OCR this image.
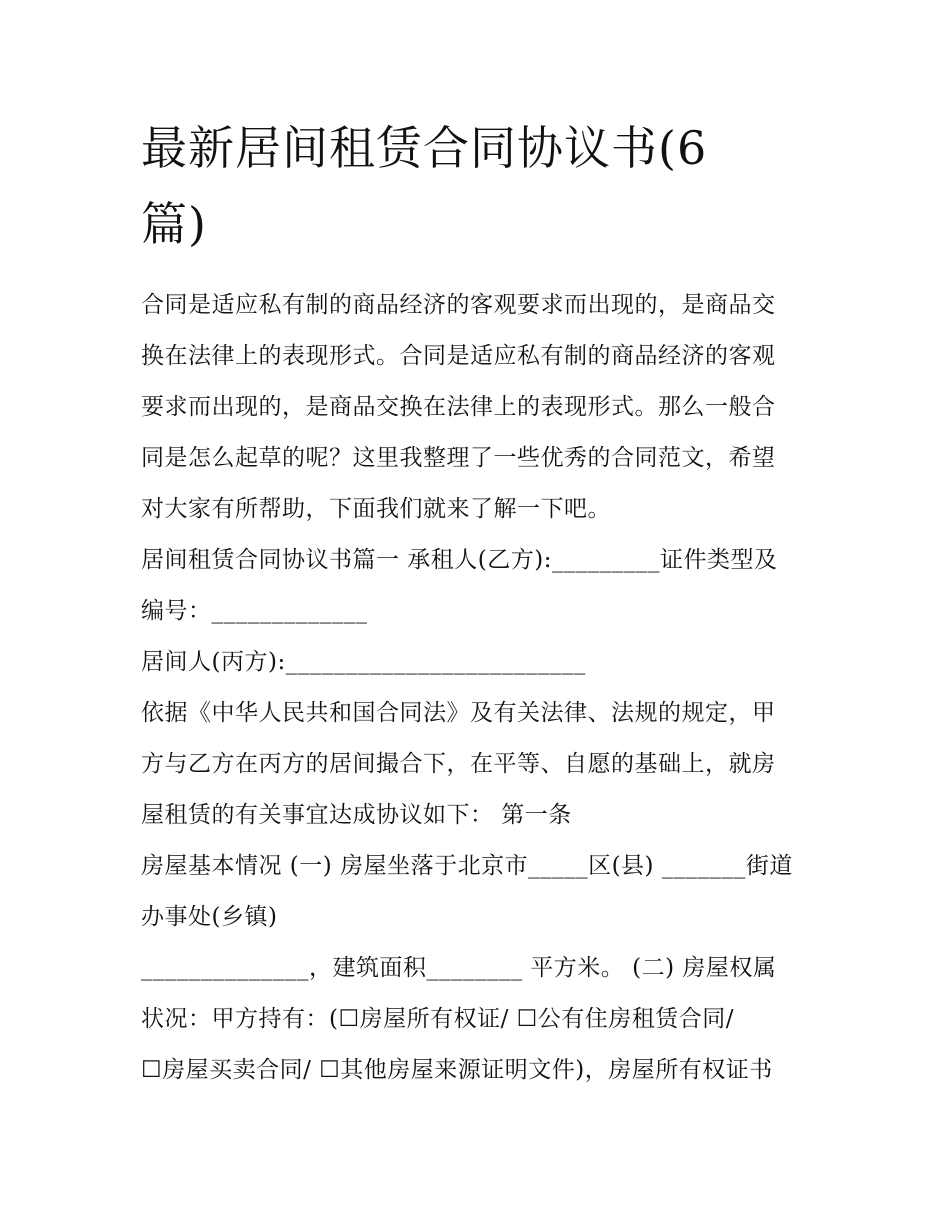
最新居间租赁合同协议书(6
篇)

合同是适应私有制的商品经济的客观要求而出现的，是商品交

换在法律上的表现形式。合同是适应私有制的商品经济的客观

要求而出现的，是商品交换在法律上的表现形式。那么一般合

同是怎么起草的呢？这里我整理了一些优秀的合同范文，希望

对大家有所帮助，下面我们就来了解一下吧。

居间租赁合同协议书篇一 承租人(乙方):_________证件类型及

编号：_____________

居间人(丙方):_________________________

依据《中华人民共和国合同法》及有关法律、法规的规定，甲

方与乙方在丙方的居间撮合下，在平等、自愿的基础上，就房

屋租赁的有关事宜达成协议如下： 第一条

房屋基本情况 (一) 房屋坐落于北京市_____区(县) _______街道

办事处(乡镇)

______________，建筑面积________ 平方米。 (二) 房屋权属

状况：甲方持有：(☐房屋所有权证/ ☐公有住房租赁合同/

☐房屋买卖合同/ ☐其他房屋来源证明文件)，房屋所有权证书
